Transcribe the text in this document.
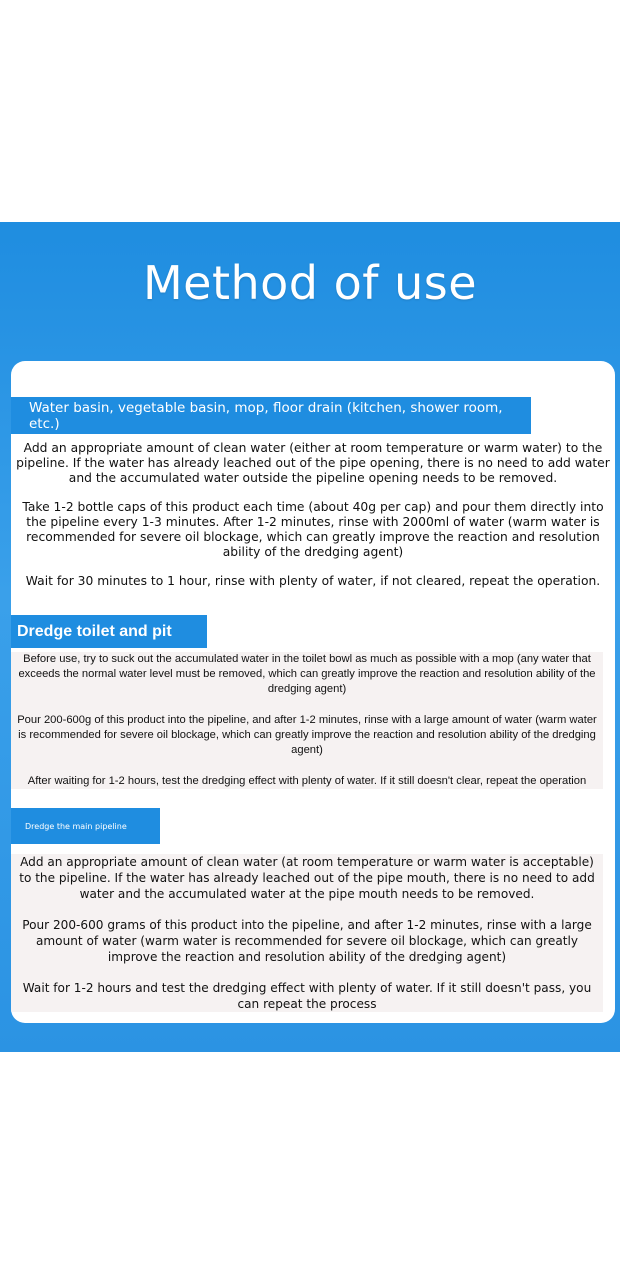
Method of use
Water basin, vegetable basin, mop, floor drain (kitchen, shower room, etc.)

Add an appropriate amount of clean water (either at room temperature or warm water) to the pipeline. If the water has already leached out of the pipe opening, there is no need to add water and the accumulated water outside the pipeline opening needs to be removed.

Take 1-2 bottle caps of this product each time (about 40g per cap) and pour them directly into the pipeline every 1-3 minutes. After 1-2 minutes, rinse with 2000ml of water (warm water is recommended for severe oil blockage, which can greatly improve the reaction and resolution ability of the dredging agent)

Wait for 30 minutes to 1 hour, rinse with plenty of water, if not cleared, repeat the operation.

Dredge toilet and pit

Before use, try to suck out the accumulated water in the toilet bowl as much as possible with a mop (any water that exceeds the normal water level must be removed, which can greatly improve the reaction and resolution ability of the dredging agent)

Pour 200-600g of this product into the pipeline, and after 1-2 minutes, rinse with a large amount of water (warm water is recommended for severe oil blockage, which can greatly improve the reaction and resolution ability of the dredging agent)

After waiting for 1-2 hours, test the dredging effect with plenty of water. If it still doesn't clear, repeat the operation

Dredge the main pipeline

Add an appropriate amount of clean water (at room temperature or warm water is acceptable) to the pipeline. If the water has already leached out of the pipe mouth, there is no need to add water and the accumulated water at the pipe mouth needs to be removed.

Pour 200-600 grams of this product into the pipeline, and after 1-2 minutes, rinse with a large amount of water (warm water is recommended for severe oil blockage, which can greatly improve the reaction and resolution ability of the dredging agent)

Wait for 1-2 hours and test the dredging effect with plenty of water. If it still doesn't pass, you can repeat the process
